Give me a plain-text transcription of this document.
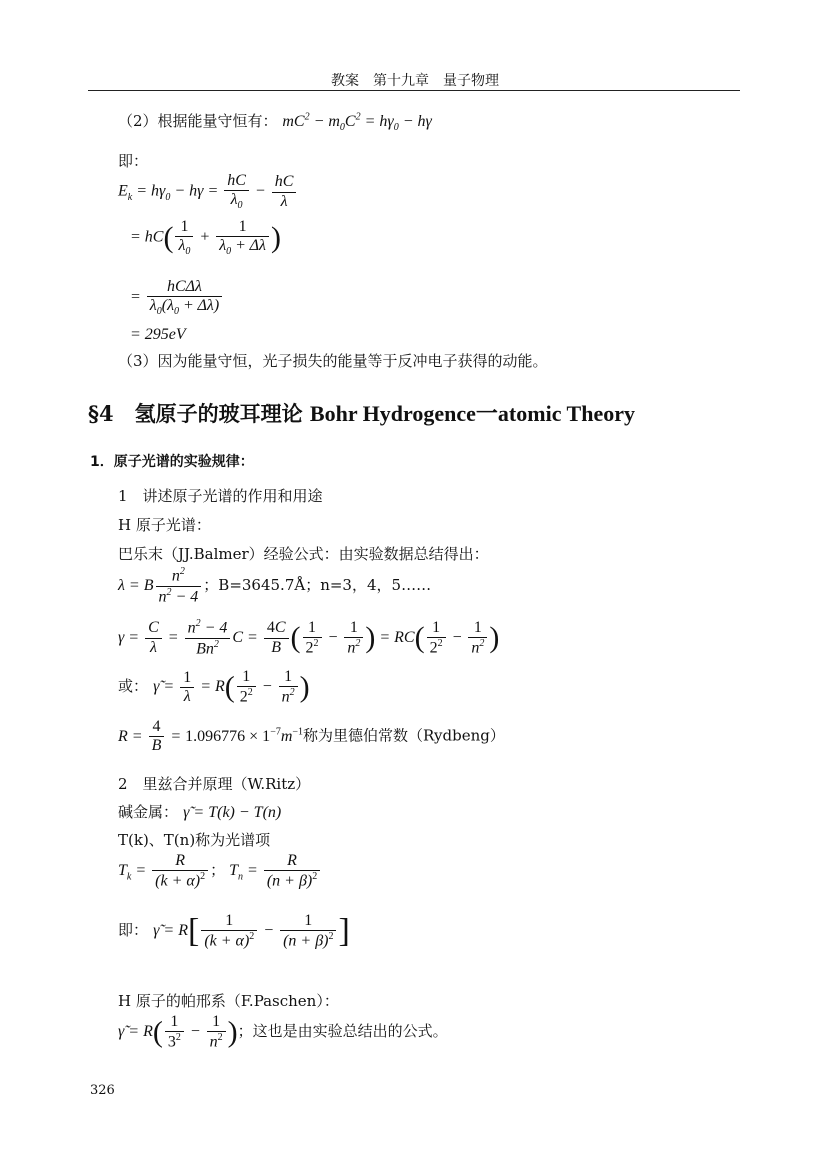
教案　第十九章　量子物理
（2）根据能量守恒有： $mC^2 - m_0C^2 = h\gamma_0 - h\gamma$
即：
$E_k = h\gamma_0 - h\gamma = \frac{hC}{\lambda_0} - \frac{hC}{\lambda}$
= $hC( \frac{1}{\lambda_0} + \frac{1}{\lambda_0 + \Delta\lambda}$ )
= $\frac{\text{hCΔλ}}{\lambda_0(\lambda_0 + \Delta\lambda)}$
= 295eV
（3）因为能量守恒，光子损失的能量等于反冲电子获得的动能。
§4　氢原子的玻耳理论 Bohr Hydrogence一atomic Theory
1．原子光谱的实验规律：
1　讲述原子光谱的作用和用途
H 原子光谱：
巴乐末（JJ.Balmer）经验公式：由实验数据总结得出：
λ = B $\frac{n^2}{n^2 - 4}$ ；B=3645.7Å；n=3，4，5……
$\gamma = \frac{C}{\lambda} = \frac{n^2 - 4}{Bn^2}$ $C = \frac{4C}{B}$ ( $\frac{1}{2^2} - \frac{1}{n^2}$ ) = $RC( \frac{1}{2^2} - \frac{1}{n^2}$ )
或： γ̃ = $\frac{1}{\lambda} = R( \frac{1}{2^2} - \frac{1}{n^2}$ )
$R = \frac{4}{B} = 1.096776 \times 1^{-7}m^{-1}$称为里德伯常数（Rydbeng）
2　里兹合并原理（W.Ritz）
碱金属： γ̃ = T(k) − T(n)
T(k)、T(n)称为光谱项
$T_k = \frac{R}{(k + \alpha)^2}$ ； $T_n = \frac{R}{(n + \beta)^2}$
即： γ̃ = $R[ \frac{1}{(k + \alpha)^2} - \frac{1}{(n + \beta)^2}$ ]
H 原子的帕邢系（F.Paschen）：
γ̃ = $R( \frac{1}{3^2} - \frac{1}{n^2}$ )；这也是由实验总结出的公式。
326
